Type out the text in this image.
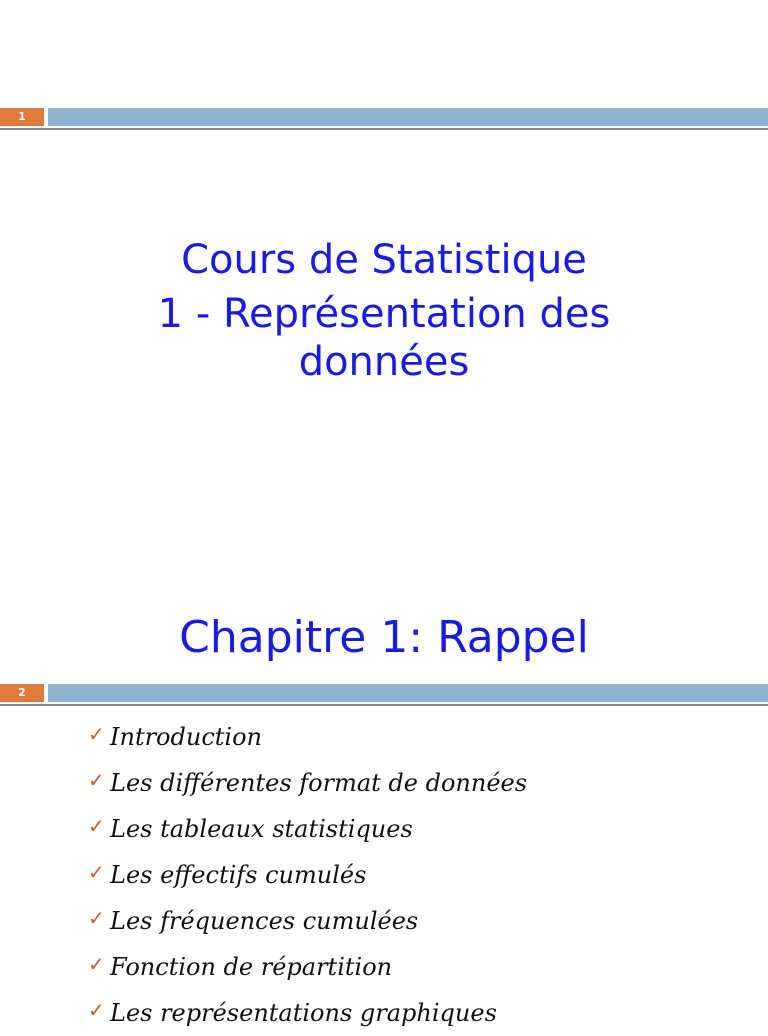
1
Cours de Statistique
1 - Représentation des
données
Chapitre 1: Rappel
2
✓ Introduction
✓ Les différentes format de données
✓ Les tableaux statistiques
✓ Les effectifs cumulés
✓ Les fréquences cumulées
✓ Fonction de répartition
✓ Les représentations graphiques
